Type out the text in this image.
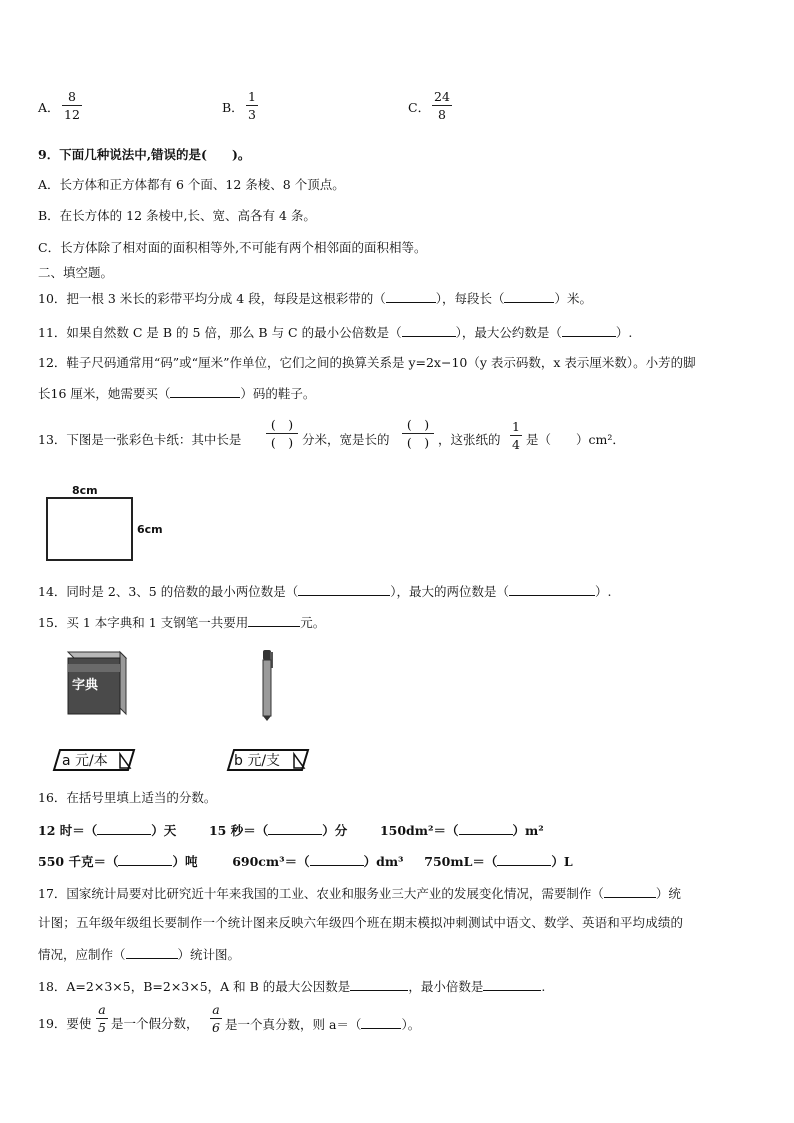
A．
8
12	B．
1
3	C．
24
8
9．下面几种说法中,错误的是(　　)。
A．长方体和正方体都有 6 个面、12 条棱、8 个顶点。
B．在长方体的 12 条棱中,长、宽、高各有 4 条。
C．长方体除了相对面的面积相等外,不可能有两个相邻面的面积相等。
二、填空题。
10．把一根 3 米长的彩带平均分成 4 段，每段是这根彩带的（	），每段长（	）米。
11．如果自然数 C 是 B 的 5 倍，那么 B 与 C 的最小公倍数是（	），最大公约数是（	）.
12．鞋子尺码通常用“码”或“厘米”作单位，它们之间的换算关系是 y=2x−10（y 表示码数，x 表示厘米数）。小芳的脚
长16 厘米，她需要买（	）码的鞋子。
13．下图是一张彩色卡纸：其中长是
(　)
(　) 分米，宽是长的
(　)
(　) ，这张纸的
1
4 是（　　）cm²．
8cm
6cm
14．同时是 2、3、5 的倍数的最小两位数是（	），最大的两位数是（	）.
15．买 1 本字典和 1 支钢笔一共要用	元。
字典
a 元/本	b 元/支
16．在括号里填上适当的分数。
12 时＝（	）天	15 秒＝（	）分	150dm²＝（	）m²
550 千克＝（	）吨	690cm³＝（	）dm³ 750mL＝（	）L
17．国家统计局要对比研究近十年来我国的工业、农业和服务业三大产业的发展变化情况，需要制作（	）统
计图；五年级年级组长要制作一个统计图来反映六年级四个班在期末模拟冲刺测试中语文、数学、英语和平均成绩的
情况，应制作（	）统计图。
18．A=2×3×5，B=2×3×5，A 和 B 的最大公因数是	，最小倍数是	.
19．要使
a
5 是一个假分数，
a
6 是一个真分数，则 a＝（	）。
